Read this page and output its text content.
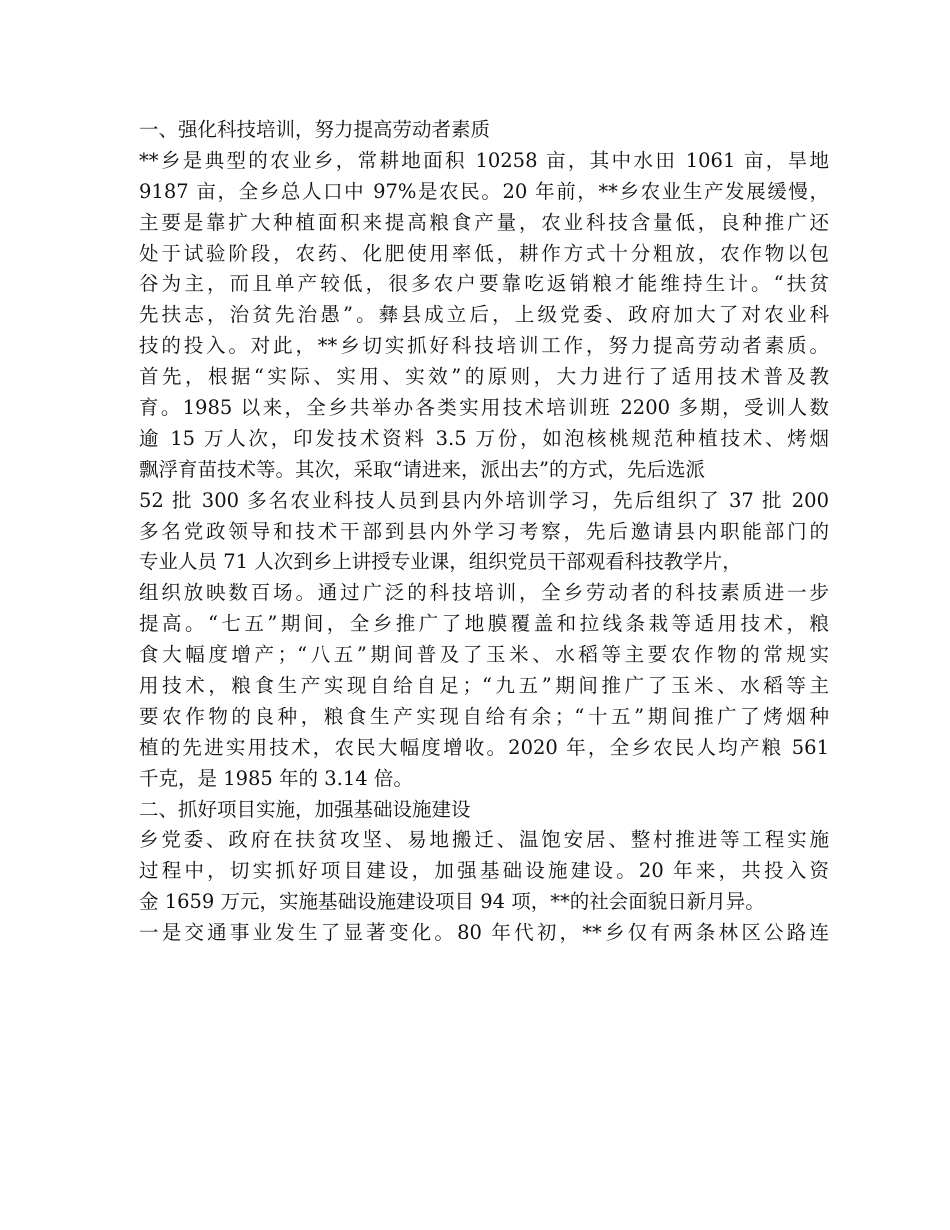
一、强化科技培训，努力提高劳动者素质
**乡是典型的农业乡，常耕地面积 10258 亩，其中水田 1061 亩，旱地
9187 亩，全乡总人口中 97%是农民。20 年前，**乡农业生产发展缓慢，
主要是靠扩大种植面积来提高粮食产量，农业科技含量低，良种推广还
处于试验阶段，农药、化肥使用率低，耕作方式十分粗放，农作物以包
谷为主，而且单产较低，很多农户要靠吃返销粮才能维持生计。“扶贫
先扶志，治贫先治愚”。彝县成立后，上级党委、政府加大了对农业科
技的投入。对此，**乡切实抓好科技培训工作，努力提高劳动者素质。
首先，根据“实际、实用、实效”的原则，大力进行了适用技术普及教
育。1985 以来，全乡共举办各类实用技术培训班 2200 多期，受训人数
逾 15 万人次，印发技术资料 3.5 万份，如泡核桃规范种植技术、烤烟
飘浮育苗技术等。其次，采取“请进来，派出去”的方式，先后选派
52 批 300 多名农业科技人员到县内外培训学习，先后组织了 37 批 200
多名党政领导和技术干部到县内外学习考察，先后邀请县内职能部门的
专业人员 71 人次到乡上讲授专业课，组织党员干部观看科技教学片，
组织放映数百场。通过广泛的科技培训，全乡劳动者的科技素质进一步
提高。“七五”期间，全乡推广了地膜覆盖和拉线条栽等适用技术，粮
食大幅度增产；“八五”期间普及了玉米、水稻等主要农作物的常规实
用技术，粮食生产实现自给自足；“九五”期间推广了玉米、水稻等主
要农作物的良种，粮食生产实现自给有余；“十五”期间推广了烤烟种
植的先进实用技术，农民大幅度增收。2020 年，全乡农民人均产粮 561
千克，是 1985 年的 3.14 倍。
二、抓好项目实施，加强基础设施建设
乡党委、政府在扶贫攻坚、易地搬迁、温饱安居、整村推进等工程实施
过程中，切实抓好项目建设，加强基础设施建设。20 年来，共投入资
金 1659 万元，实施基础设施建设项目 94 项，**的社会面貌日新月异。
一是交通事业发生了显著变化。80 年代初，**乡仅有两条林区公路连
